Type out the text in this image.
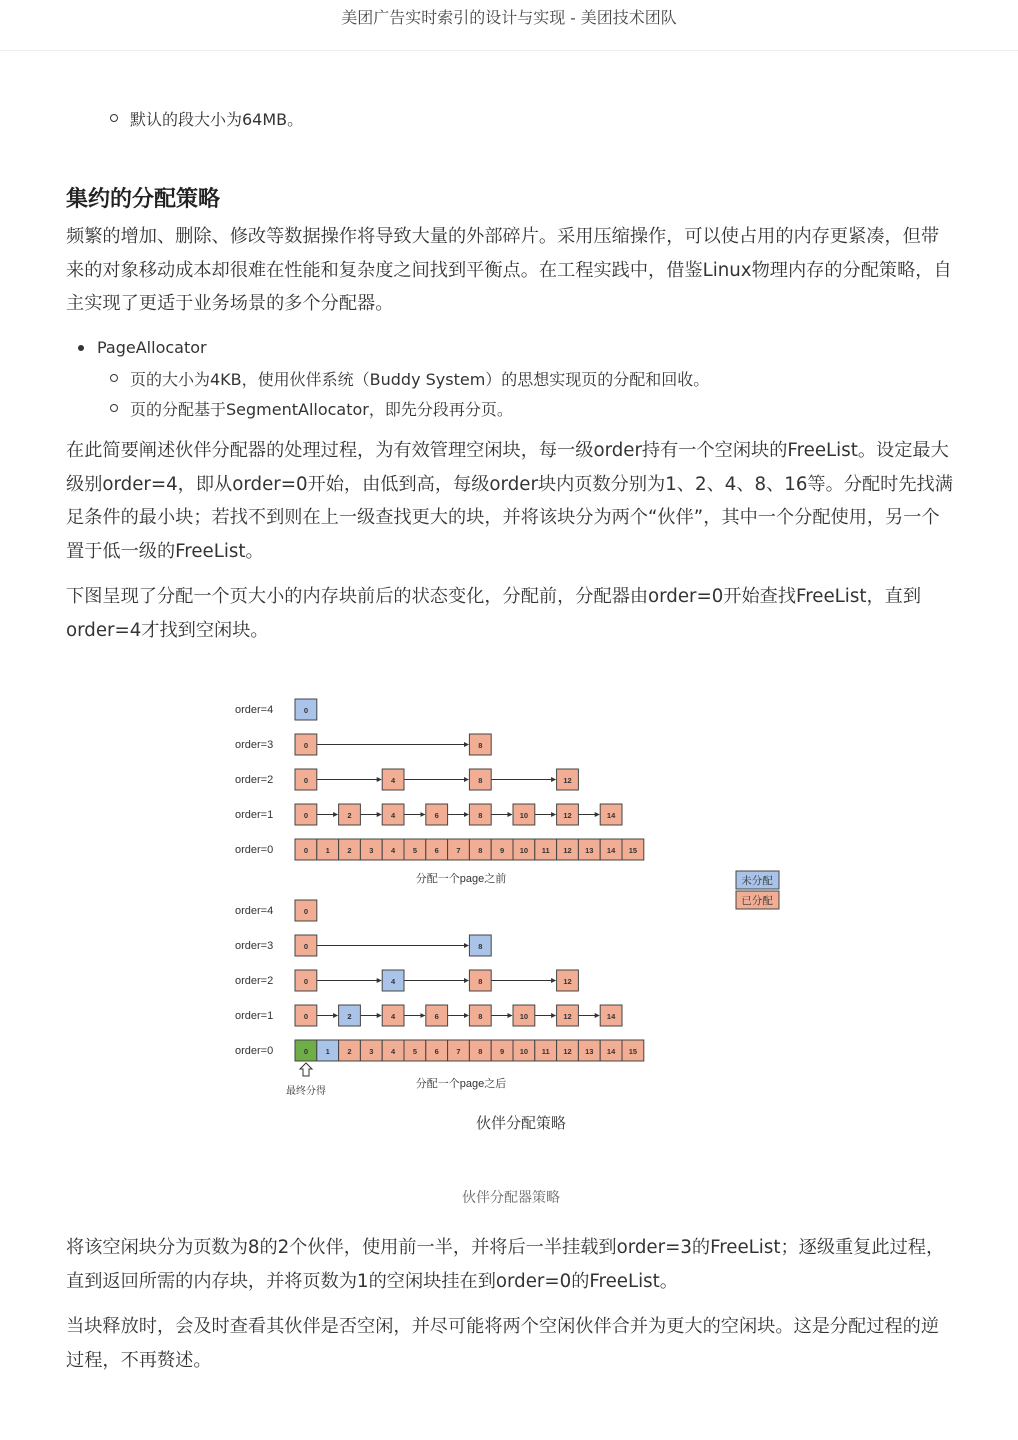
美团广告实时索引的设计与实现 - 美团技术团队
默认的段大小为64MB。
集约的分配策略

频繁的增加、删除、修改等数据操作将导致大量的外部碎片。采用压缩操作，可以使占用的内存更紧凑，但带来的对象移动成本却很难在性能和复杂度之间找到平衡点。在工程实践中，借鉴Linux物理内存的分配策略，自主实现了更适于业务场景的多个分配器。

PageAllocator
页的大小为4KB，使用伙伴系统（Buddy System）的思想实现页的分配和回收。
页的分配基于SegmentAllocator，即先分段再分页。

在此简要阐述伙伴分配器的处理过程，为有效管理空闲块，每一级order持有一个空闲块的FreeList。设定最大级别order=4，即从order=0开始，由低到高，每级order块内页数分别为1、2、4、8、16等。分配时先找满足条件的最小块；若找不到则在上一级查找更大的块，并将该块分为两个“伙伴”，其中一个分配使用，另一个置于低一级的FreeList。

下图呈现了分配一个页大小的内存块前后的状态变化，分配前，分配器由order=0开始查找FreeList，直到order=4才找到空闲块。

伙伴分配器策略

将该空闲块分为页数为8的2个伙伴，使用前一半，并将后一半挂载到order=3的FreeList；逐级重复此过程，直到返回所需的内存块，并将页数为1的空闲块挂在到order=0的FreeList。

当块释放时，会及时查看其伙伴是否空闲，并尽可能将两个空闲伙伴合并为更大的空闲块。这是分配过程的逆过程，不再赘述。

order=4	0
order=3	0	8
order=2	0	4	8	12
order=1	0	2	4	6	8	10	12	14
order=0	0 1 2 3 4 5 6 7 8 9 10 11 12 13 14 15
order=4	0
order=3	0	8
order=2	0	4	8	12
order=1	0	2	4	6	8	10	12	14
order=0	0 1 2 3 4 5 6 7 8 9 10 11 12 13 14 15
分配一个page之前
分配一个page之后
最终分得
未分配
已分配
伙伴分配策略
